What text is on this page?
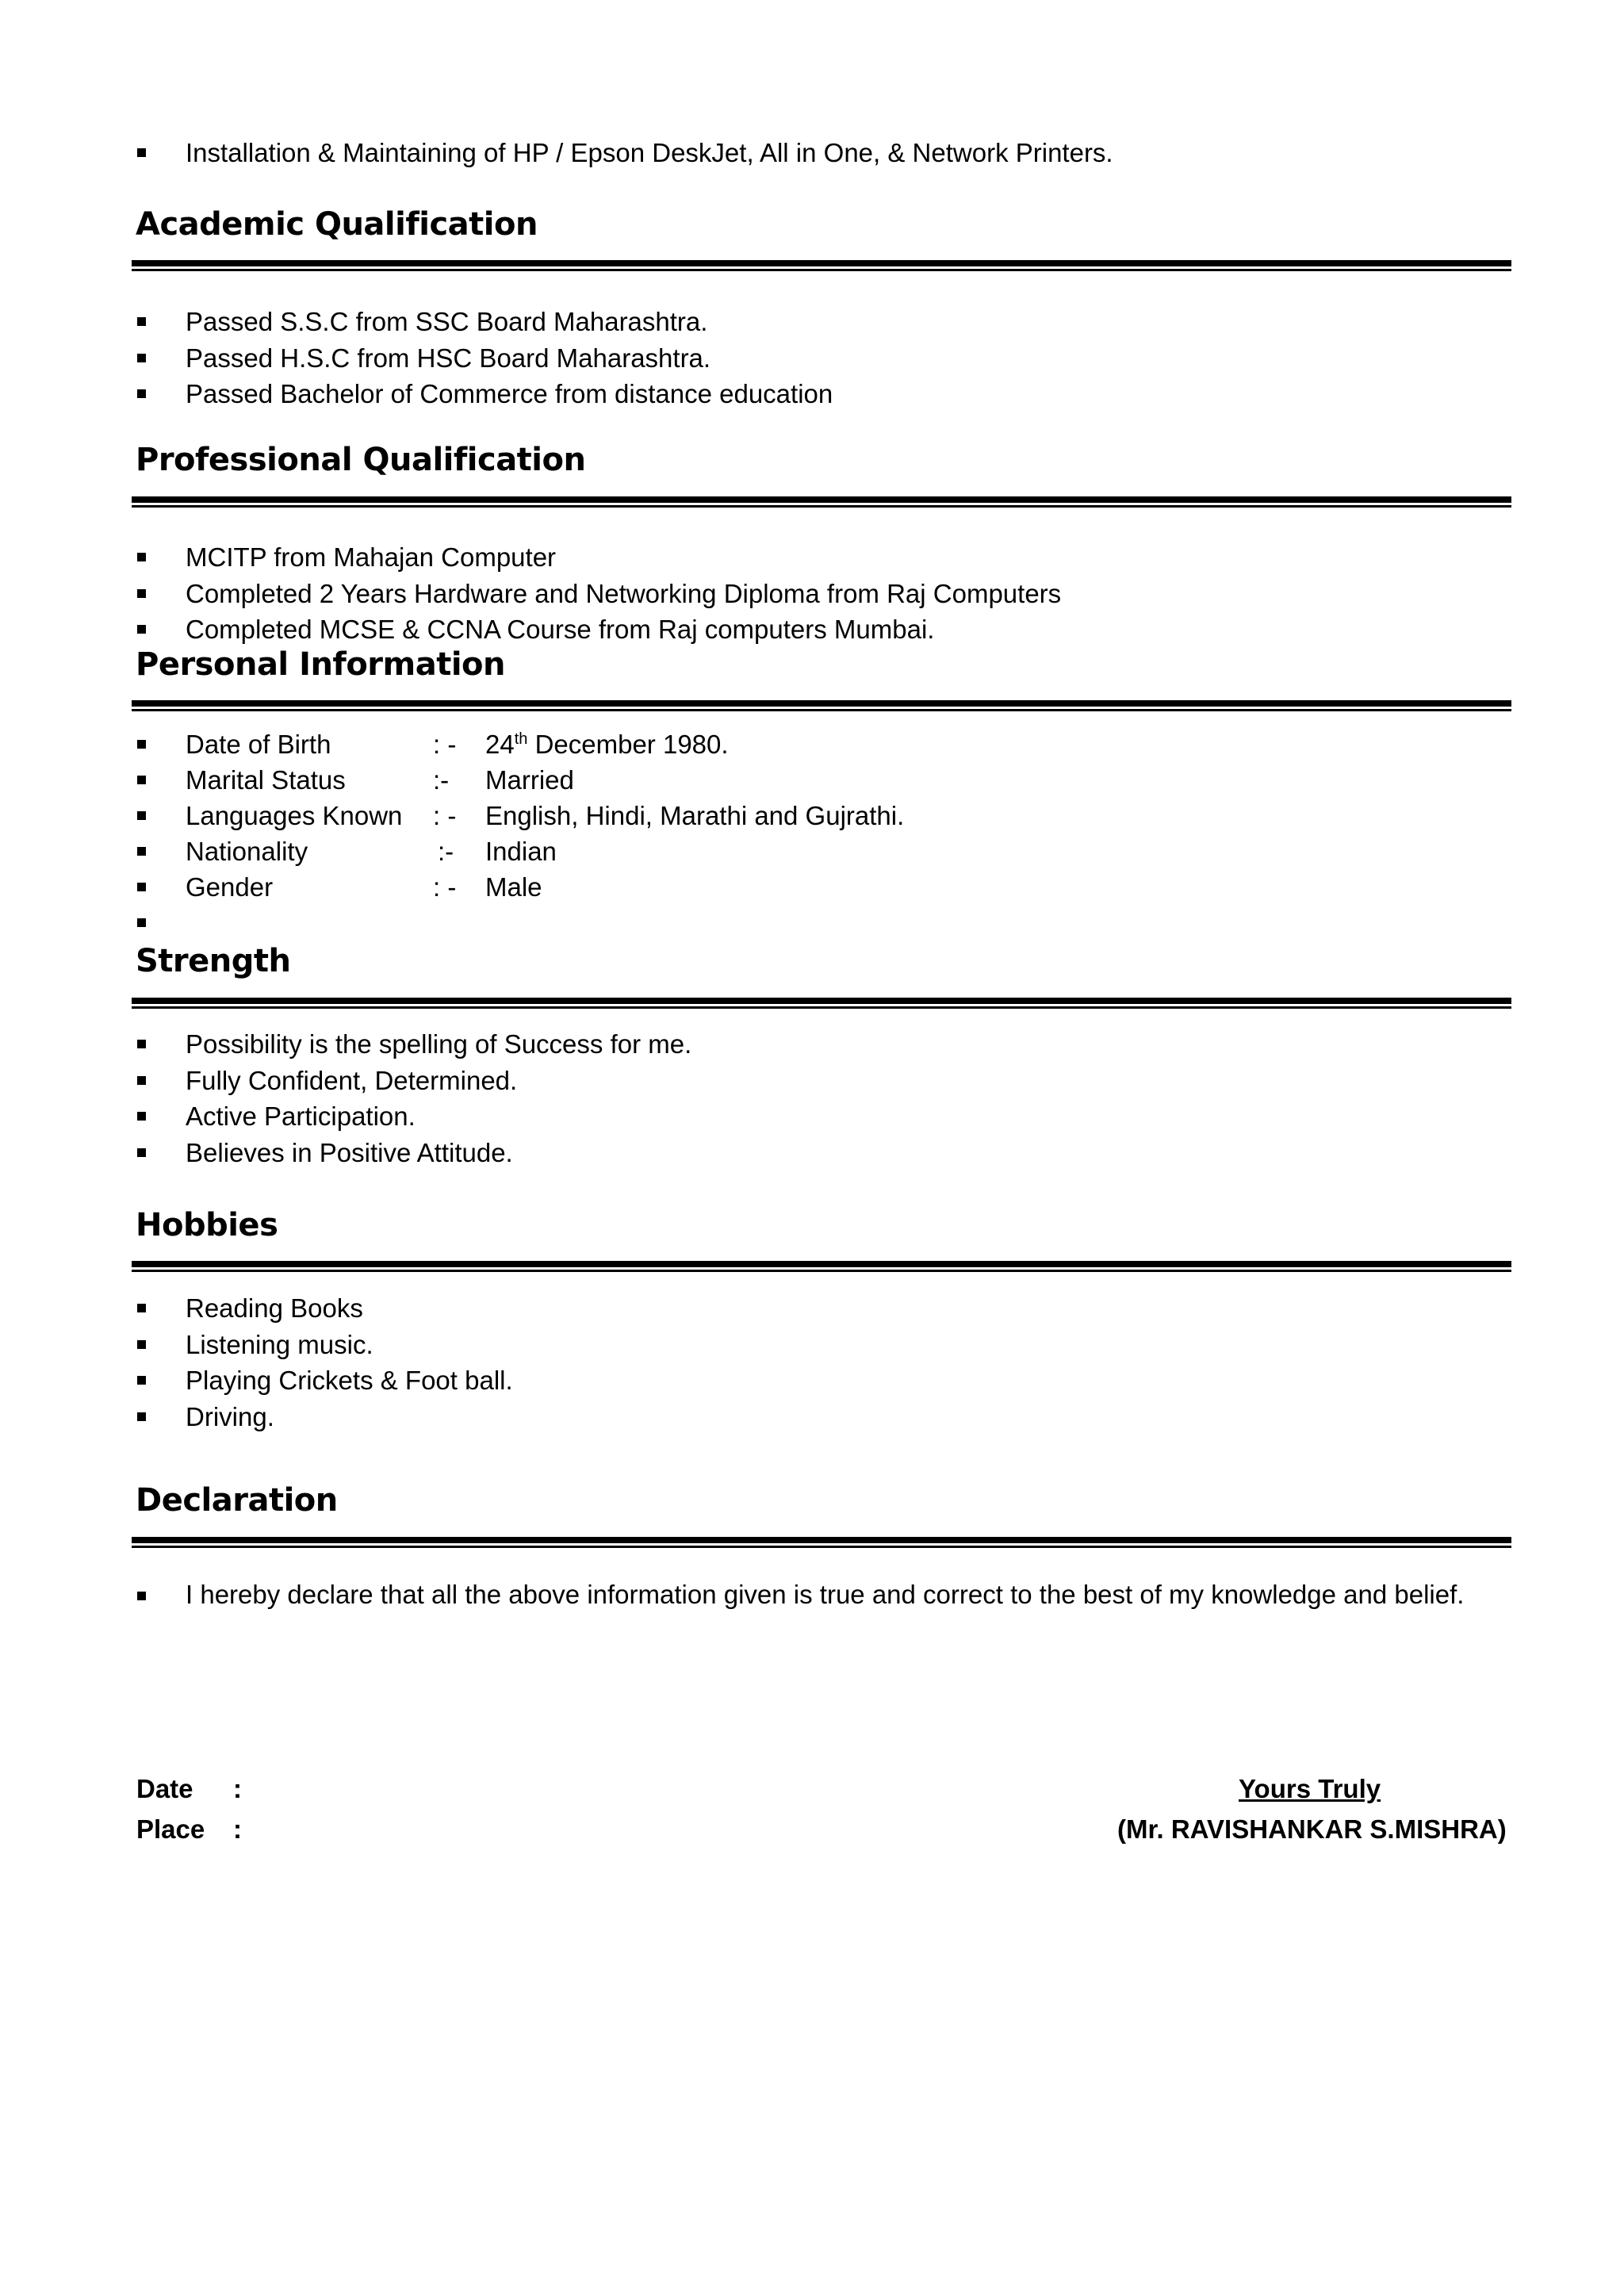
Installation & Maintaining of HP / Epson DeskJet, All in One, & Network Printers.
Academic Qualification
Passed S.S.C from SSC Board Maharashtra.
Passed H.S.C from HSC Board Maharashtra.
Passed Bachelor of Commerce from distance education
Professional Qualification
MCITP from Mahajan Computer
Completed 2 Years Hardware and Networking Diploma from Raj Computers
Completed MCSE & CCNA Course from Raj computers Mumbai.
Personal Information
Date of Birth	: - 24th December 1980.
Marital Status	:- Married
Languages Known : - English, Hindi, Marathi and Gujrathi.
Nationality	:- Indian
Gender	: - Male
Strength
Possibility is the spelling of Success for me.
Fully Confident, Determined.
Active Participation.
Believes in Positive Attitude.
Hobbies
Reading Books
Listening music.
Playing Crickets & Foot ball.
Driving.
Declaration
I hereby declare that all the above information given is true and correct to the best of my knowledge and belief.
Date :
Place :
Yours Truly
(Mr. RAVISHANKAR S.MISHRA)
